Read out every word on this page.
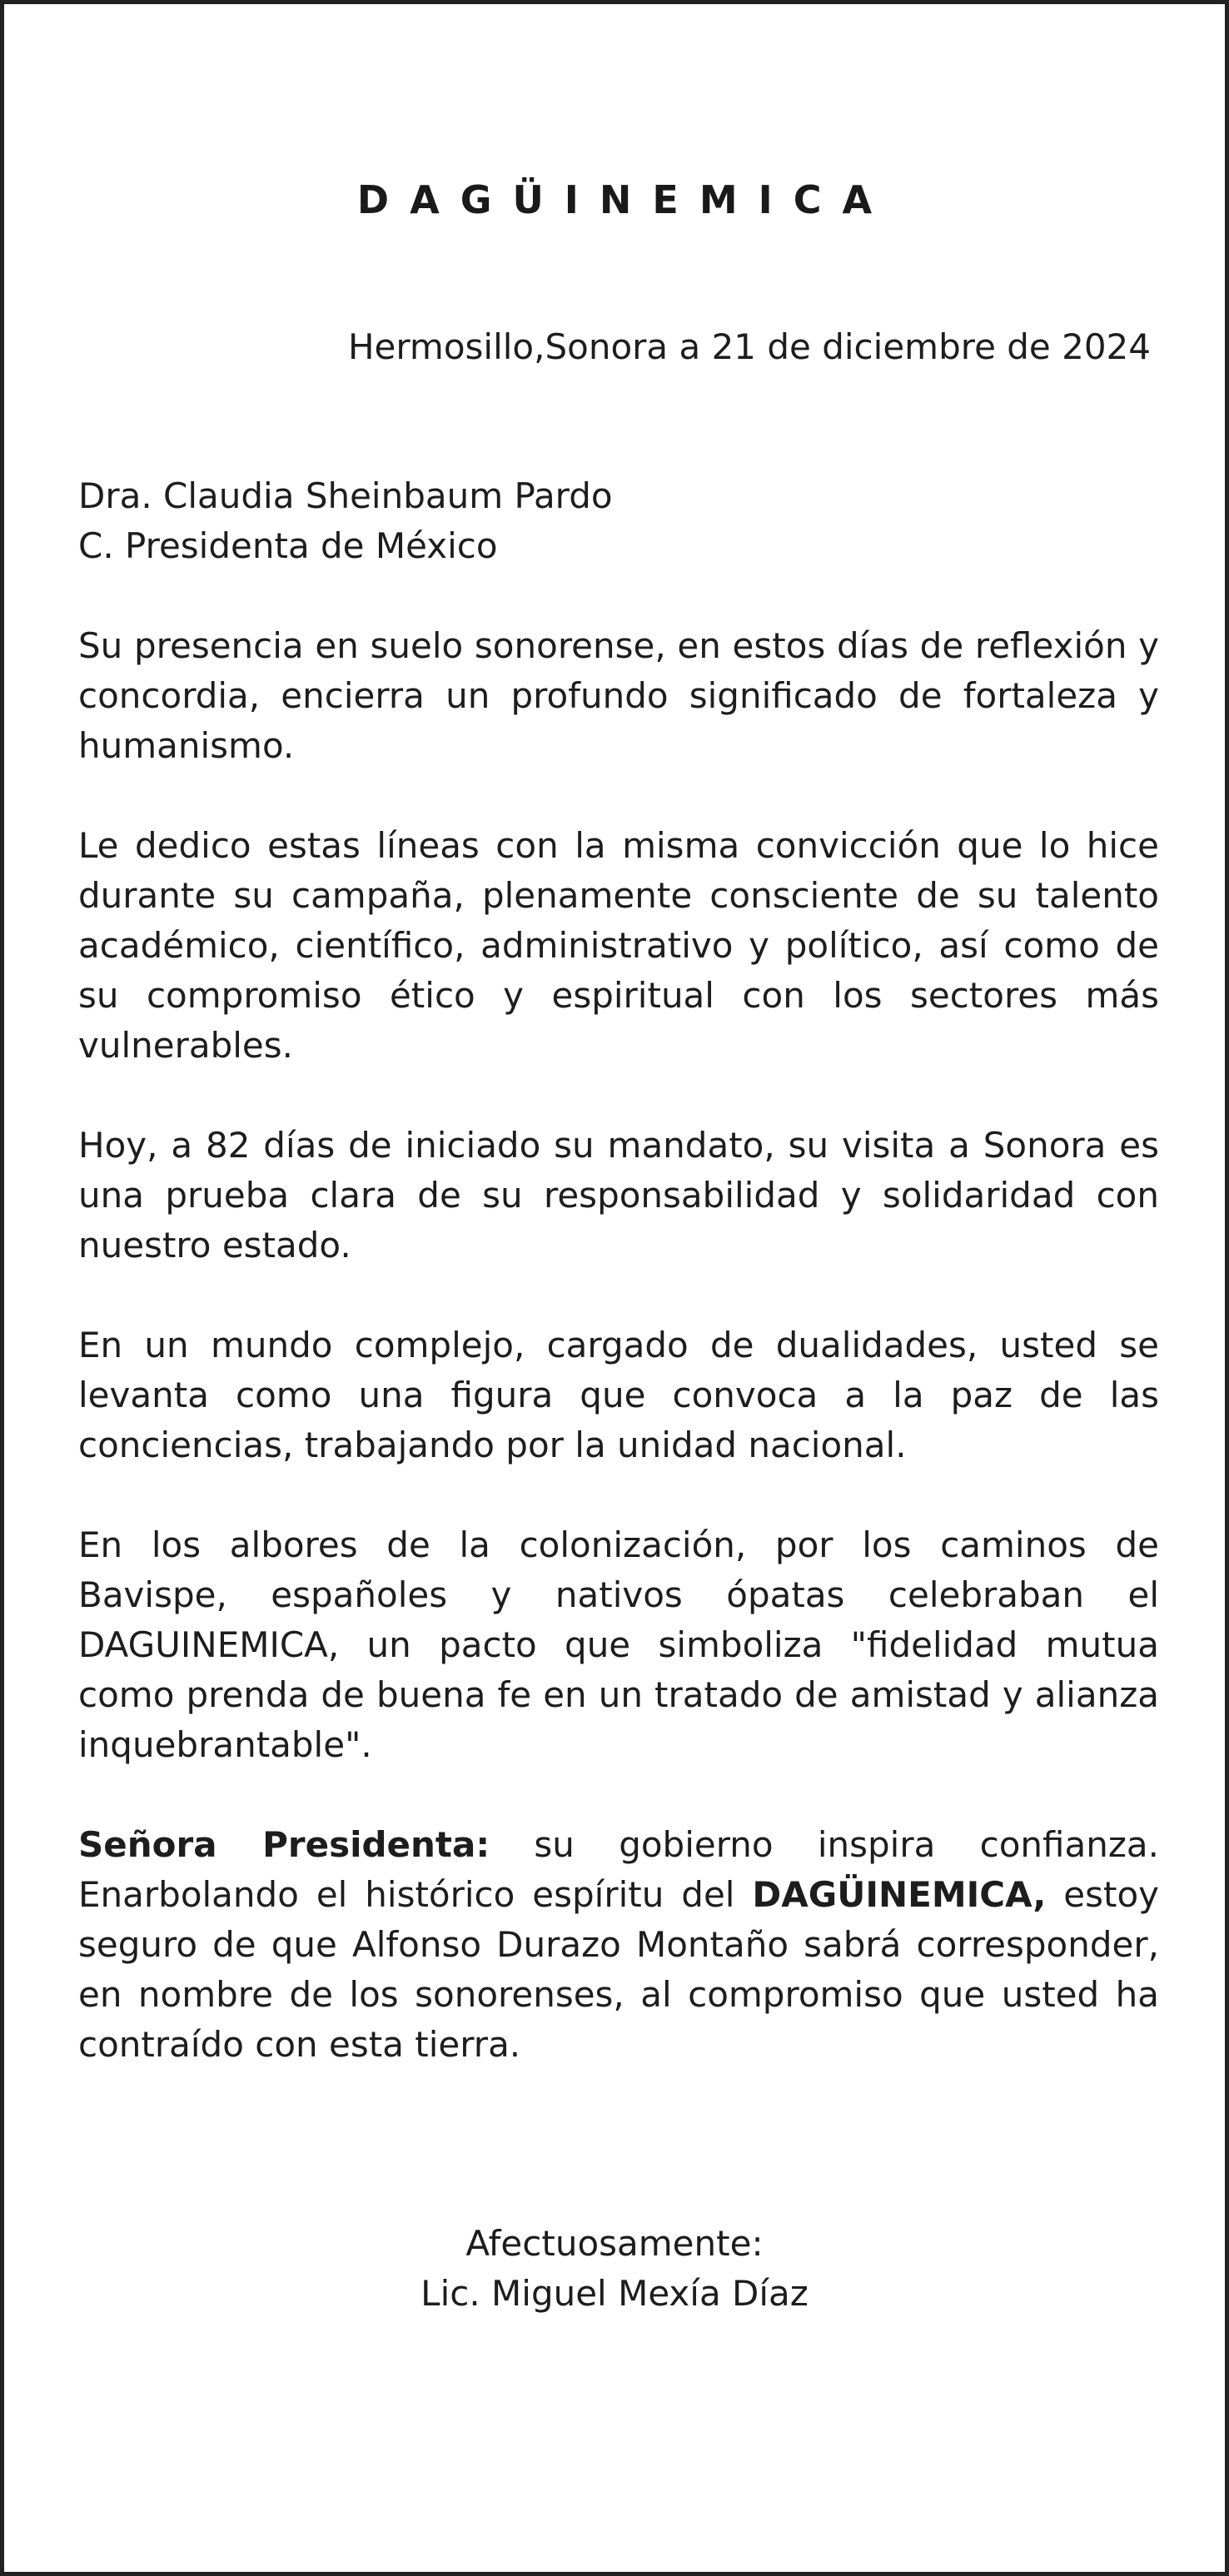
DAGÜINEMICA
Hermosillo,Sonora a 21 de diciembre de 2024
Dra. Claudia Sheinbaum Pardo
C. Presidenta de México

Su presencia en suelo sonorense, en estos días de reflexión y concordia, encierra un profundo significado de fortaleza y humanismo.

Le dedico estas líneas con la misma convicción que lo hice durante su campaña, plenamente consciente de su talento académico, científico, administrativo y político, así como de su compromiso ético y espiritual con los sectores más vulnerables.

Hoy, a 82 días de iniciado su mandato, su visita a Sonora es una prueba clara de su responsabilidad y solidaridad con nuestro estado.

En un mundo complejo, cargado de dualidades, usted se levanta como una figura que convoca a la paz de las conciencias, trabajando por la unidad nacional.

En los albores de la colonización, por los caminos de Bavispe, españoles y nativos ópatas celebraban el DAGUINEMICA, un pacto que simboliza "fidelidad mutua como prenda de buena fe en un tratado de amistad y alianza inquebrantable".

Señora Presidenta: su gobierno inspira confianza. Enarbolando el histórico espíritu del DAGÜINEMICA, estoy seguro de que Alfonso Durazo Montaño sabrá corresponder, en nombre de los sonorenses, al compromiso que usted ha contraído con esta tierra.

Afectuosamente:
Lic. Miguel Mexía Díaz
